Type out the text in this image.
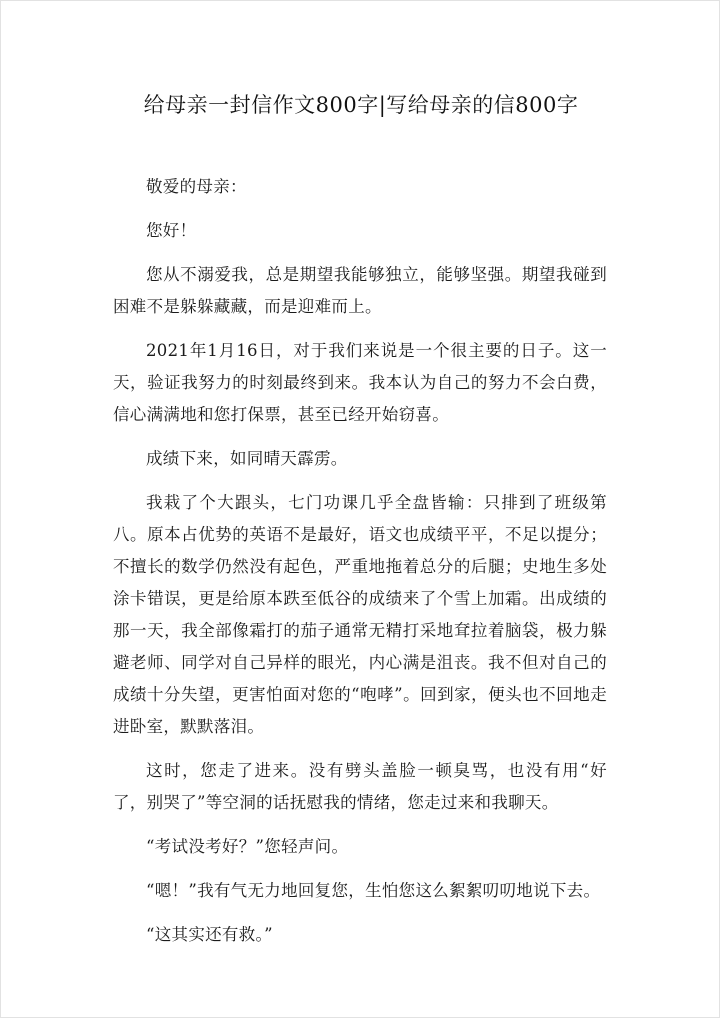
给母亲一封信作文800字|写给母亲的信800字

敬爱的母亲：

您好！

您从不溺爱我，总是期望我能够独立，能够坚强。期望我碰到困难不是躲躲藏藏，而是迎难而上。

2021年1月16日，对于我们来说是一个很主要的日子。这一天，验证我努力的时刻最终到来。我本认为自己的努力不会白费，信心满满地和您打保票，甚至已经开始窃喜。

成绩下来，如同晴天霹雳。

我栽了个大跟头，七门功课几乎全盘皆输：只排到了班级第八。原本占优势的英语不是最好，语文也成绩平平，不足以提分；不擅长的数学仍然没有起色，严重地拖着总分的后腿；史地生多处涂卡错误，更是给原本跌至低谷的成绩来了个雪上加霜。出成绩的那一天，我全部像霜打的茄子通常无精打采地耷拉着脑袋，极力躲避老师、同学对自己异样的眼光，内心满是沮丧。我不但对自己的成绩十分失望，更害怕面对您的“咆哮”。回到家，便头也不回地走进卧室，默默落泪。

这时，您走了进来。没有劈头盖脸一顿臭骂，也没有用“好了，别哭了”等空洞的话抚慰我的情绪，您走过来和我聊天。

“考试没考好？”您轻声问。

“嗯！”我有气无力地回复您，生怕您这么絮絮叨叨地说下去。

“这其实还有救。”
